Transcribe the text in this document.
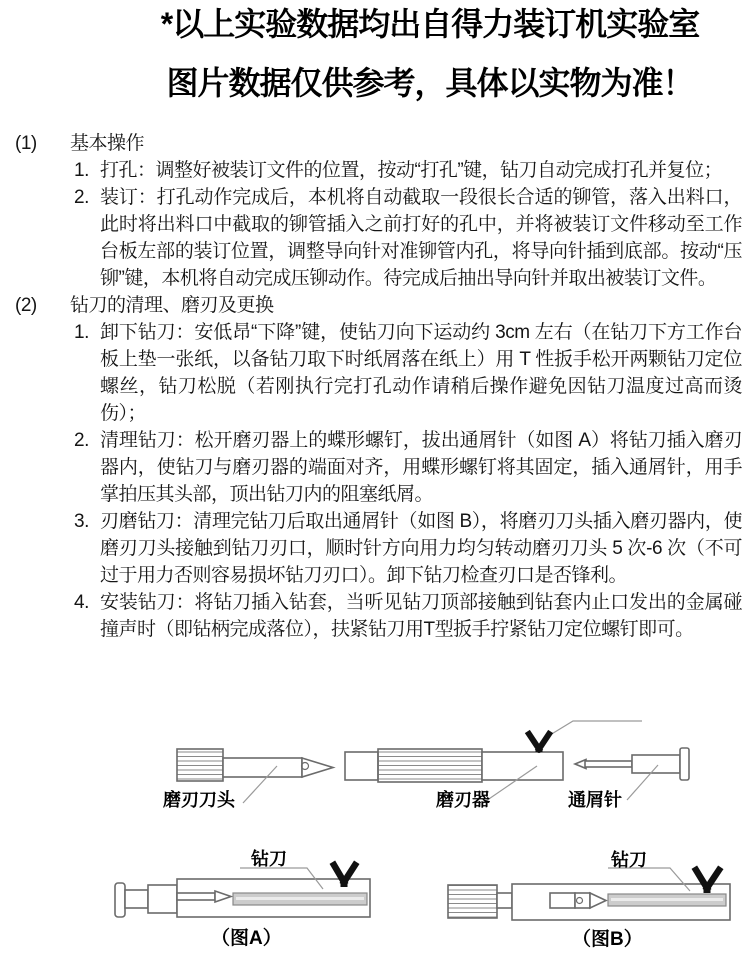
*以上实验数据均出自得力装订机实验室
图片数据仅供参考，具体以实物为准！
(1) 基本操作
1. 打孔：调整好被装订文件的位置，按动“打孔”键，钻刀自动完成打孔并复位；
2. 装订：打孔动作完成后，本机将自动截取一段很长合适的铆管，落入出料口，此时将出料口中截取的铆管插入之前打好的孔中，并将被装订文件移动至工作台板左部的装订位置，调整导向针对准铆管内孔，将导向针插到底部。按动“压铆”键，本机将自动完成压铆动作。待完成后抽出导向针并取出被装订文件。
(2) 钻刀的清理、磨刃及更换
1. 卸下钻刀：安低昂“下降”键，使钻刀向下运动约 3cm 左右（在钻刀下方工作台板上垫一张纸，以备钻刀取下时纸屑落在纸上）用 T 性扳手松开两颗钻刀定位螺丝，钻刀松脱（若刚执行完打孔动作请稍后操作避免因钻刀温度过高而烫伤）；
2. 清理钻刀：松开磨刃器上的蝶形螺钉，拔出通屑针（如图 A）将钻刀插入磨刃器内，使钻刀与磨刃器的端面对齐，用蝶形螺钉将其固定，插入通屑针，用手掌拍压其头部，顶出钻刀内的阻塞纸屑。
3. 刃磨钻刀：清理完钻刀后取出通屑针（如图 B），将磨刃刀头插入磨刃器内，使磨刃刀头接触到钻刀刃口，顺时针方向用力均匀转动磨刃刀头 5 次-6 次（不可过于用力否则容易损坏钻刀刃口）。卸下钻刀检查刃口是否锋利。
4. 安装钻刀：将钻刀插入钻套，当听见钻刀顶部接触到钻套内止口发出的金属碰撞声时（即钻柄完成落位），扶紧钻刀用T型扳手拧紧钻刀定位螺钉即可。
磨刃刀头	磨刃器	通屑针
钻刀
（图A）
钻刀
（图B）
